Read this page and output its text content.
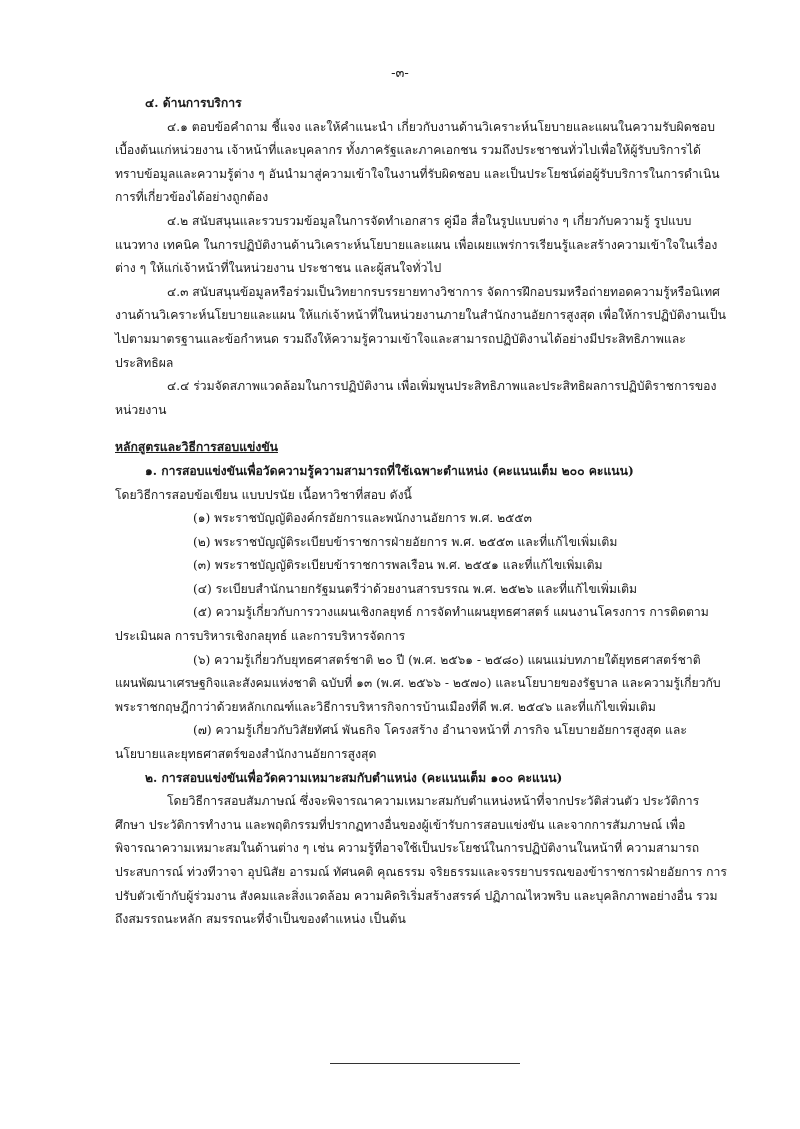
-๓-

๔. ด้านการบริการ

๔.๑ ตอบข้อคำถาม ชี้แจง และให้คำแนะนำ เกี่ยวกับงานด้านวิเคราะห์นโยบายและแผนในความรับผิดชอบเบื้องต้นแก่หน่วยงาน เจ้าหน้าที่และบุคลากร ทั้งภาครัฐและภาคเอกชน รวมถึงประชาชนทั่วไปเพื่อให้ผู้รับบริการได้ทราบข้อมูลและความรู้ต่าง ๆ อันนำมาสู่ความเข้าใจในงานที่รับผิดชอบ และเป็นประโยชน์ต่อผู้รับบริการในการดำเนินการที่เกี่ยวข้องได้อย่างถูกต้อง

๔.๒ สนับสนุนและรวบรวมข้อมูลในการจัดทำเอกสาร คู่มือ สื่อในรูปแบบต่าง ๆ เกี่ยวกับความรู้ รูปแบบ แนวทาง เทคนิค ในการปฏิบัติงานด้านวิเคราะห์นโยบายและแผน เพื่อเผยแพร่การเรียนรู้และสร้างความเข้าใจในเรื่องต่าง ๆ ให้แก่เจ้าหน้าที่ในหน่วยงาน ประชาชน และผู้สนใจทั่วไป

๔.๓ สนับสนุนข้อมูลหรือร่วมเป็นวิทยากรบรรยายทางวิชาการ จัดการฝึกอบรมหรือถ่ายทอดความรู้หรือนิเทศงานด้านวิเคราะห์นโยบายและแผน ให้แก่เจ้าหน้าที่ในหน่วยงานภายในสำนักงานอัยการสูงสุด เพื่อให้การปฏิบัติงานเป็นไปตามมาตรฐานและข้อกำหนด รวมถึงให้ความรู้ความเข้าใจและสามารถปฏิบัติงานได้อย่างมีประสิทธิภาพและประสิทธิผล

๔.๔ ร่วมจัดสภาพแวดล้อมในการปฏิบัติงาน เพื่อเพิ่มพูนประสิทธิภาพและประสิทธิผลการปฏิบัติราชการของหน่วยงาน

หลักสูตรและวิธีการสอบแข่งขัน

๑. การสอบแข่งขันเพื่อวัดความรู้ความสามารถที่ใช้เฉพาะตำแหน่ง (คะแนนเต็ม ๒๐๐ คะแนน)

โดยวิธีการสอบข้อเขียน แบบปรนัย เนื้อหาวิชาที่สอบ ดังนี้

(๑) พระราชบัญญัติองค์กรอัยการและพนักงานอัยการ พ.ศ. ๒๕๕๓

(๒) พระราชบัญญัติระเบียบข้าราชการฝ่ายอัยการ พ.ศ. ๒๕๕๓ และที่แก้ไขเพิ่มเติม

(๓) พระราชบัญญัติระเบียบข้าราชการพลเรือน พ.ศ. ๒๕๕๑ และที่แก้ไขเพิ่มเติม

(๔) ระเบียบสำนักนายกรัฐมนตรีว่าด้วยงานสารบรรณ พ.ศ. ๒๕๒๖ และที่แก้ไขเพิ่มเติม

(๕) ความรู้เกี่ยวกับการวางแผนเชิงกลยุทธ์ การจัดทำแผนยุทธศาสตร์ แผนงานโครงการ การติดตามประเมินผล การบริหารเชิงกลยุทธ์ และการบริหารจัดการ

(๖) ความรู้เกี่ยวกับยุทธศาสตร์ชาติ ๒๐ ปี (พ.ศ. ๒๕๖๑ - ๒๕๘๐) แผนแม่บทภายใต้ยุทธศาสตร์ชาติ แผนพัฒนาเศรษฐกิจและสังคมแห่งชาติ ฉบับที่ ๑๓ (พ.ศ. ๒๕๖๖ - ๒๕๗๐) และนโยบายของรัฐบาล และความรู้เกี่ยวกับพระราชกฤษฎีกาว่าด้วยหลักเกณฑ์และวิธีการบริหารกิจการบ้านเมืองที่ดี พ.ศ. ๒๕๔๖ และที่แก้ไขเพิ่มเติม

(๗) ความรู้เกี่ยวกับวิสัยทัศน์ พันธกิจ โครงสร้าง อำนาจหน้าที่ ภารกิจ นโยบายอัยการสูงสุด และนโยบายและยุทธศาสตร์ของสำนักงานอัยการสูงสุด

๒. การสอบแข่งขันเพื่อวัดความเหมาะสมกับตำแหน่ง (คะแนนเต็ม ๑๐๐ คะแนน)

โดยวิธีการสอบสัมภาษณ์ ซึ่งจะพิจารณาความเหมาะสมกับตำแหน่งหน้าที่จากประวัติส่วนตัว ประวัติการศึกษา ประวัติการทำงาน และพฤติกรรมที่ปรากฏทางอื่นของผู้เข้ารับการสอบแข่งขัน และจากการสัมภาษณ์ เพื่อพิจารณาความเหมาะสมในด้านต่าง ๆ เช่น ความรู้ที่อาจใช้เป็นประโยชน์ในการปฏิบัติงานในหน้าที่ ความสามารถ ประสบการณ์ ท่วงทีวาจา อุปนิสัย อารมณ์ ทัศนคติ คุณธรรม จริยธรรมและจรรยาบรรณของข้าราชการฝ่ายอัยการ การปรับตัวเข้ากับผู้ร่วมงาน สังคมและสิ่งแวดล้อม ความคิดริเริ่มสร้างสรรค์ ปฏิภาณไหวพริบ และบุคลิกภาพอย่างอื่น รวมถึงสมรรถนะหลัก สมรรถนะที่จำเป็นของตำแหน่ง เป็นต้น
